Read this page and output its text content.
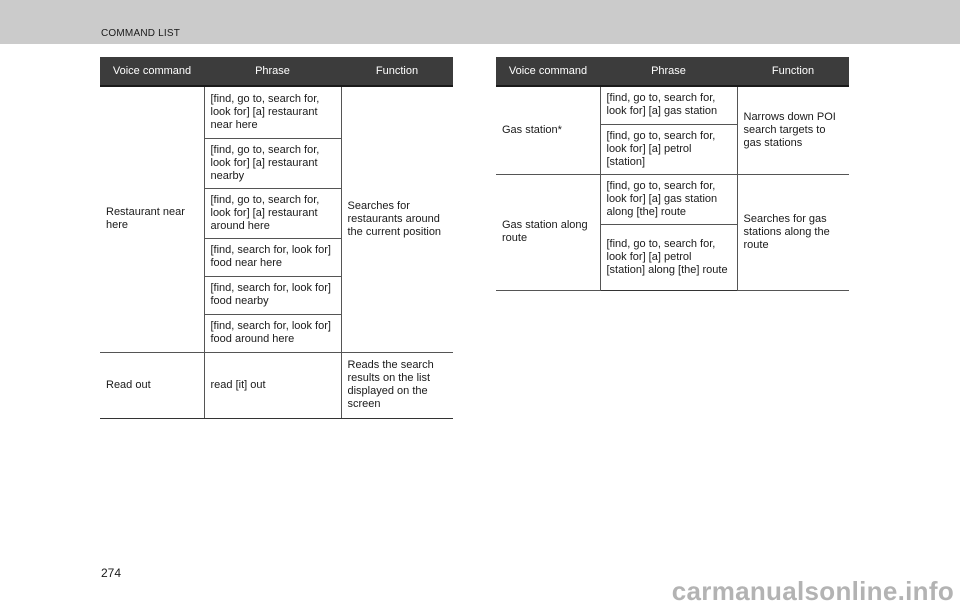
COMMAND LIST
Voice command	Phrase	Function
Restaurant near here	[find, go to, search for, look for] [a] restaurant near here	Searches for restaurants around the current position
	[find, go to, search for, look for] [a] restaurant nearby	
	[find, go to, search for, look for] [a] restaurant around here	
	[find, search for, look for] food near here	
	[find, search for, look for] food nearby	
	[find, search for, look for] food around here	
Read out	read [it] out	Reads the search results on the list displayed on the screen
Voice command	Phrase	Function
Gas station*	[find, go to, search for, look for] [a] gas station	Narrows down POI search targets to gas stations
	[find, go to, search for, look for] [a] petrol [station]	
Gas station along route	[find, go to, search for, look for] [a] gas station along [the] route	Searches for gas stations along the route
	[find, go to, search for, look for] [a] petrol [station] along [the] route	
274
carmanualsonline.info
